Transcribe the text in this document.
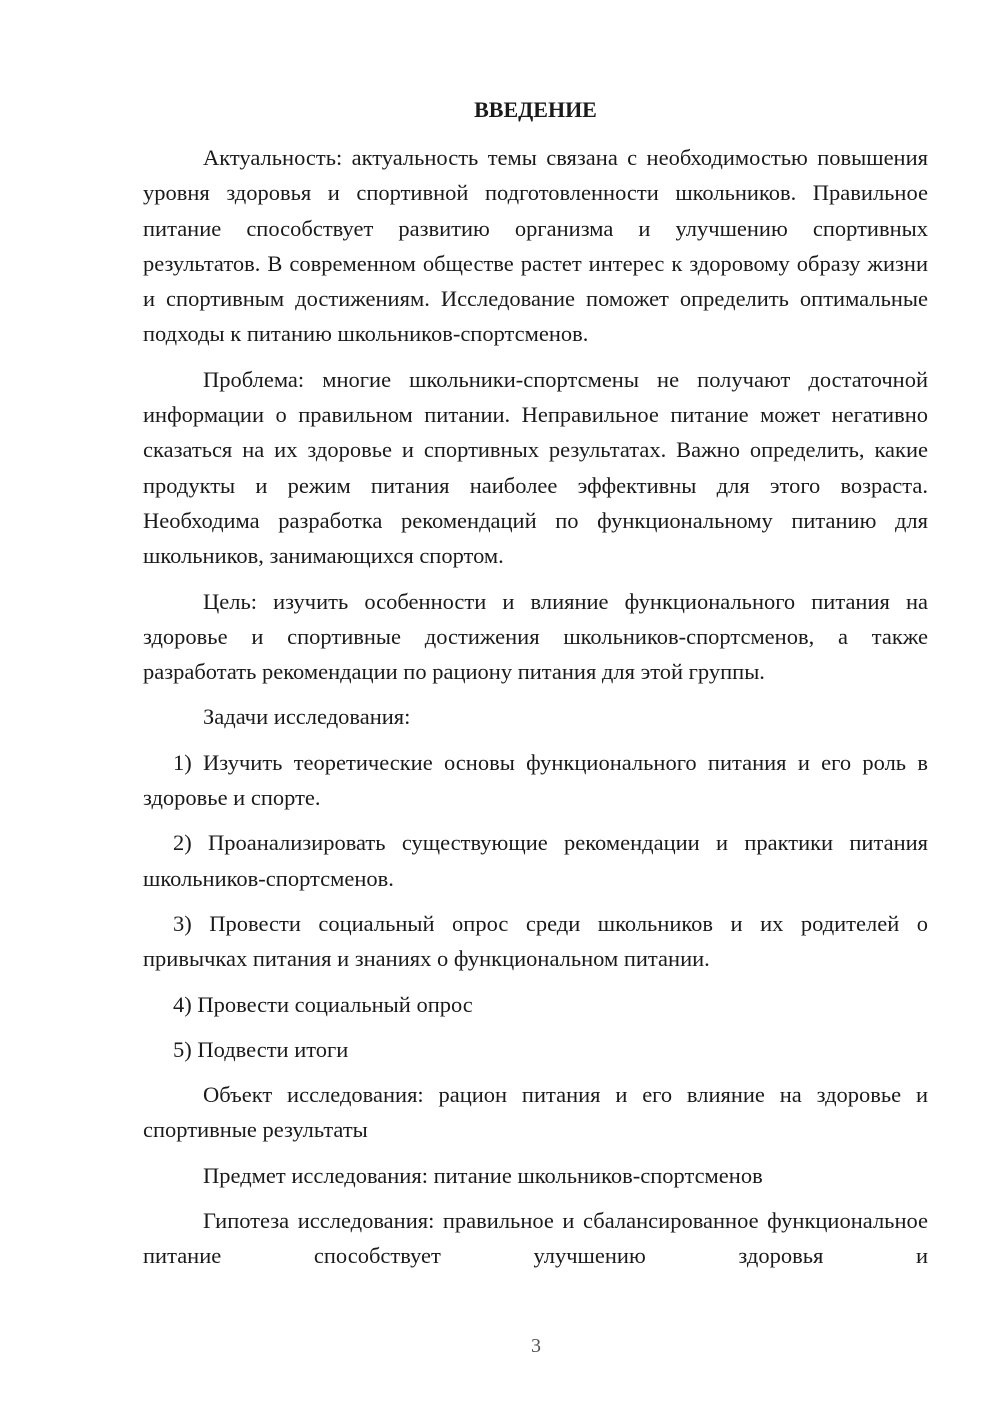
ВВЕДЕНИЕ

Актуальность: актуальность темы связана с необходимостью повышения уровня здоровья и спортивной подготовленности школьников. Правильное питание способствует развитию организма и улучшению спортивных результатов. В современном обществе растет интерес к здоровому образу жизни и спортивным достижениям. Исследование поможет определить оптимальные подходы к питанию школьников-спортсменов.

Проблема: многие школьники-спортсмены не получают достаточной информации о правильном питании. Неправильное питание может негативно сказаться на их здоровье и спортивных результатах. Важно определить, какие продукты и режим питания наиболее эффективны для этого возраста. Необходима разработка рекомендаций по функциональному питанию для школьников, занимающихся спортом.

Цель: изучить особенности и влияние функционального питания на здоровье и спортивные достижения школьников-спортсменов, а также разработать рекомендации по рациону питания для этой группы.

Задачи исследования:

1) Изучить теоретические основы функционального питания и его роль в здоровье и спорте.

2) Проанализировать существующие рекомендации и практики питания школьников-спортсменов.

3) Провести социальный опрос среди школьников и их родителей о привычках питания и знаниях о функциональном питании.

4) Провести социальный опрос

5) Подвести итоги

Объект исследования: рацион питания и его влияние на здоровье и спортивные результаты

Предмет исследования: питание школьников-спортсменов

Гипотеза исследования: правильное и сбалансированное функциональное питание способствует улучшению здоровья и

3
